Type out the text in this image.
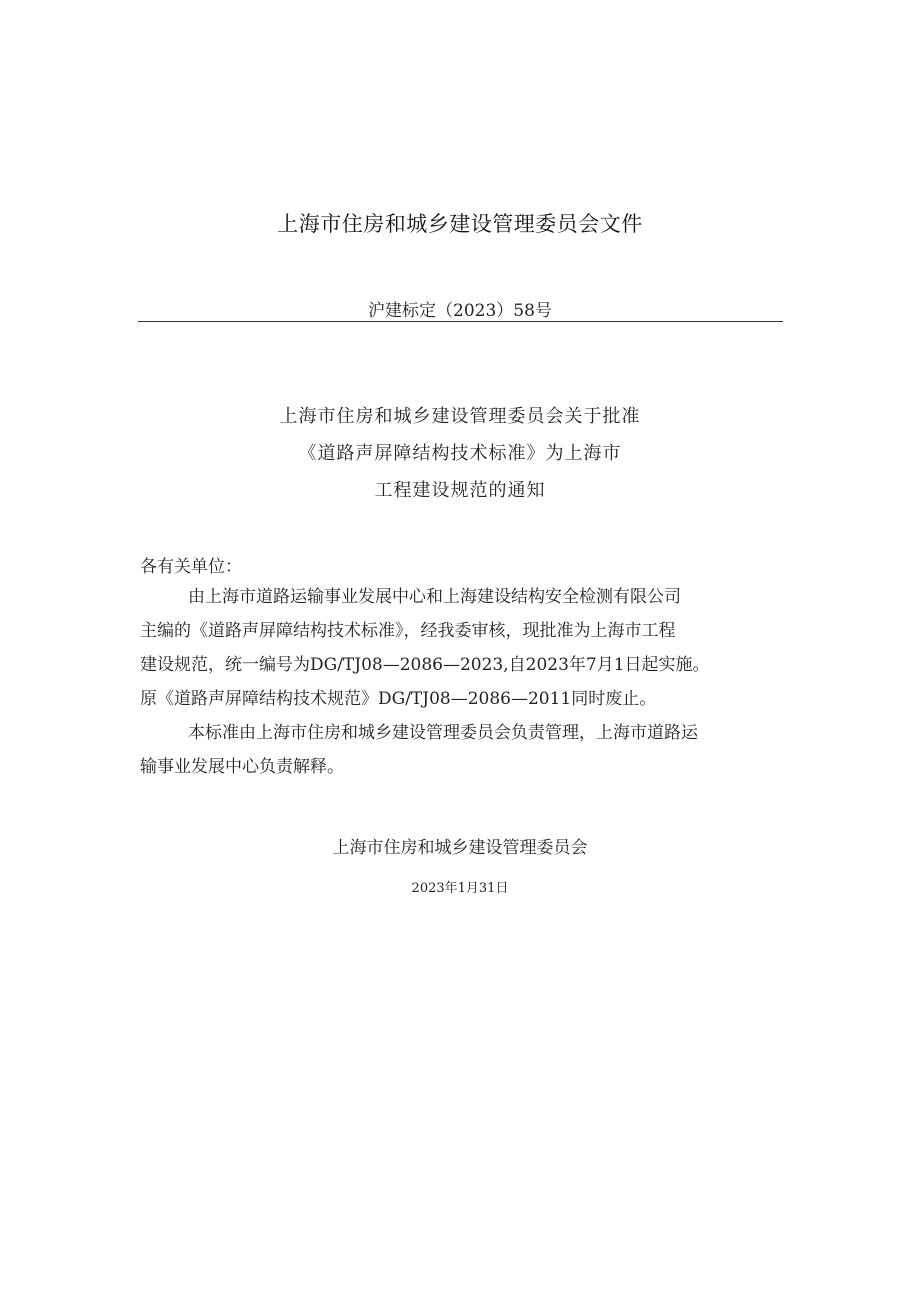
上海市住房和城乡建设管理委员会文件
沪建标定（2023）58号
上海市住房和城乡建设管理委员会关于批准
《道路声屏障结构技术标准》为上海市
工程建设规范的通知
各有关单位：
由上海市道路运输事业发展中心和上海建设结构安全检测有限公司
主编的《道路声屏障结构技术标准》，经我委审核，现批准为上海市工程
建设规范，统一编号为DG/TJ08—2086—2023,自2023年7月1日起实施。
原《道路声屏障结构技术规范》DG/TJ08—2086—2011同时废止。
本标准由上海市住房和城乡建设管理委员会负责管理，上海市道路运
输事业发展中心负责解释。
上海市住房和城乡建设管理委员会
2023年1月31日
